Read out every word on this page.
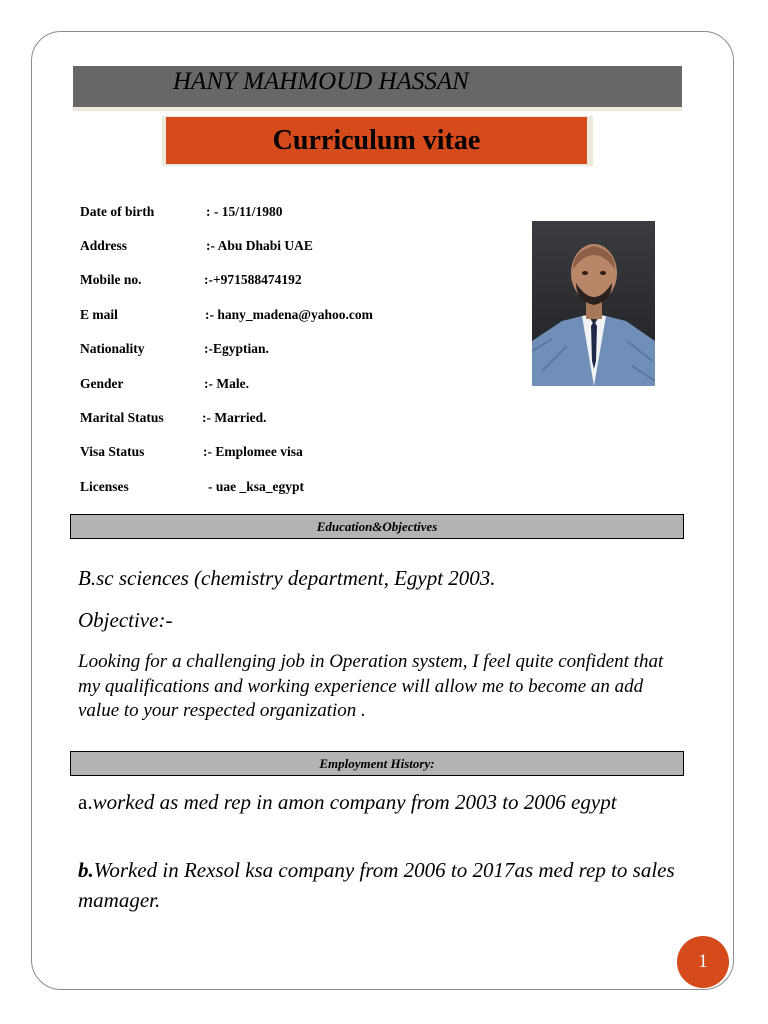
HANY MAHMOUD HASSAN
Curriculum vitae
Date of birth	: - 15/11/1980
Address	:- Abu Dhabi UAE
Mobile no.	:-+971588474192
E mail	:- hany_madena@yahoo.com
Nationality	:-Egyptian.
Gender	:- Male.
Marital Status	:- Married.
Visa Status	:- Emplomee visa
Licenses	- uae _ksa_egypt
Education&Objectives
B.sc sciences (chemistry department, Egypt 2003.
Objective:-
Looking for a challenging job in Operation system, I feel quite confident that my qualifications and working experience will allow me to become an add value to your respected organization .
Employment History:
a.worked as med rep in amon company from 2003 to 2006 egypt
b.Worked in Rexsol ksa company from 2006 to 2017as med rep to sales mamager.
1
